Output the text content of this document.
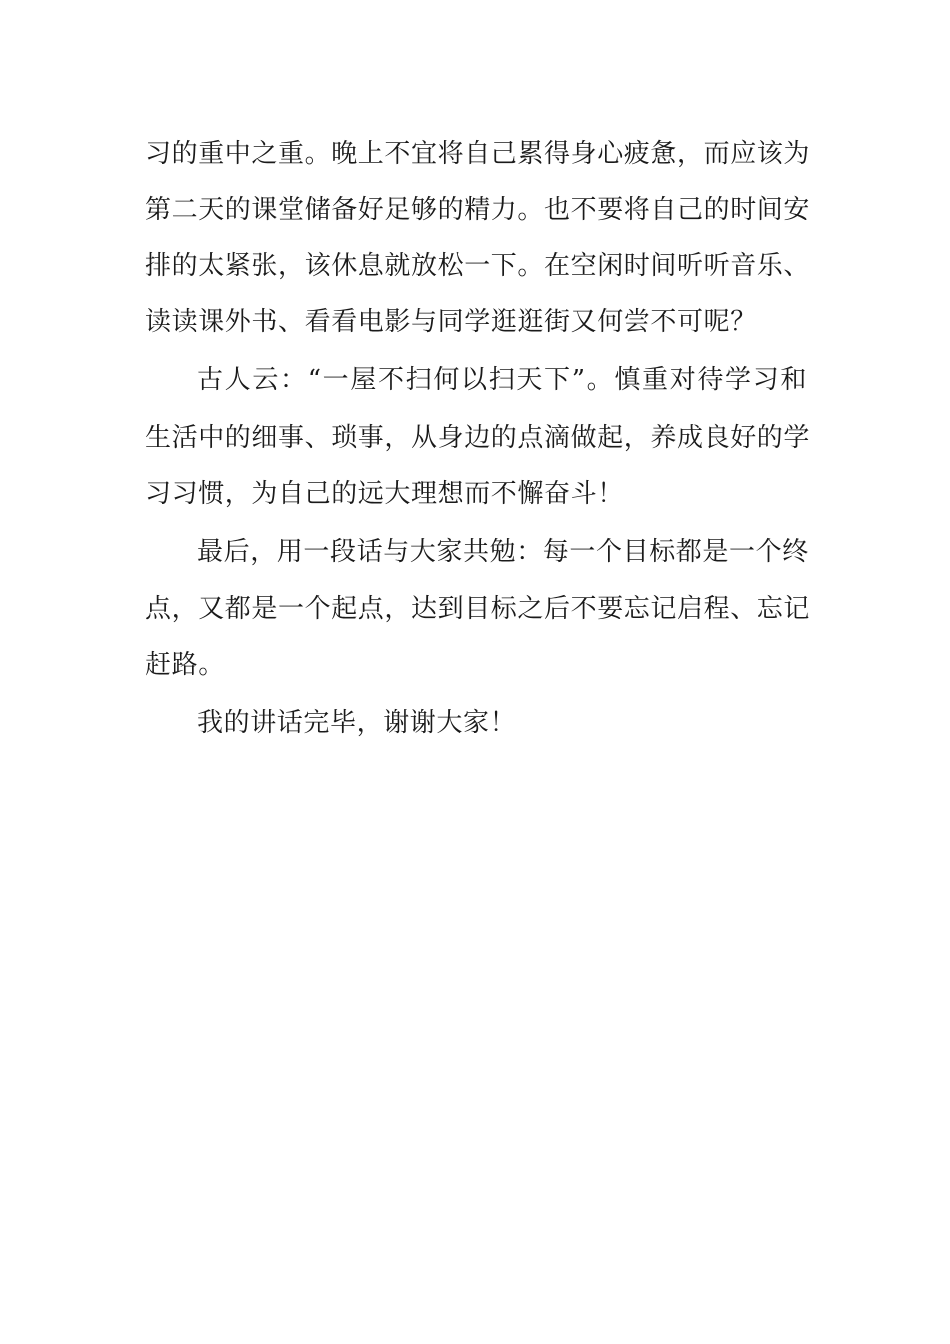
习的重中之重。晚上不宜将自己累得身心疲惫，而应该为
第二天的课堂储备好足够的精力。也不要将自己的时间安
排的太紧张，该休息就放松一下。在空闲时间听听音乐、
读读课外书、看看电影与同学逛逛街又何尝不可呢？
古人云：“一屋不扫何以扫天下”。慎重对待学习和
生活中的细事、琐事，从身边的点滴做起，养成良好的学
习习惯，为自己的远大理想而不懈奋斗！
最后，用一段话与大家共勉：每一个目标都是一个终
点，又都是一个起点，达到目标之后不要忘记启程、忘记
赶路。
我的讲话完毕，谢谢大家！
